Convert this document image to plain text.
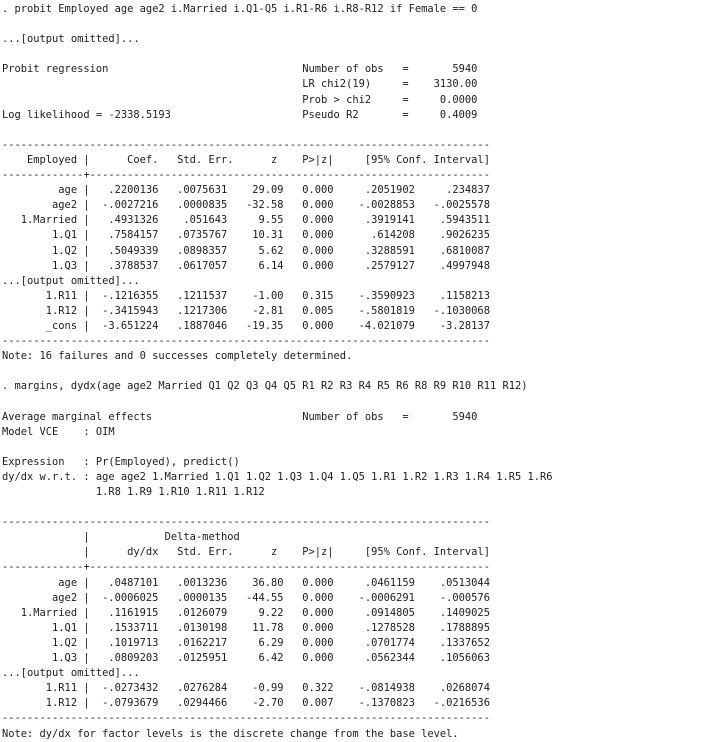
. probit Employed age age2 i.Married i.Q1-Q5 i.R1-R6 i.R8-R12 if Female == 0

...[output omitted]...

Probit regression                               Number of obs   =       5940
LR chi2(19)     =    3130.00
Prob > chi2     =     0.0000
Log likelihood = -2338.5193                     Pseudo R2       =     0.4009

------------------------------------------------------------------------------
Employed |      Coef.   Std. Err.      z    P>|z|     [95% Conf. Interval]
-------------+----------------------------------------------------------------
age |   .2200136   .0075631    29.09   0.000     .2051902     .234837
age2 |  -.0027216   .0000835   -32.58   0.000    -.0028853   -.0025578
1.Married |   .4931326    .051643     9.55   0.000     .3919141    .5943511
1.Q1 |   .7584157   .0735767    10.31   0.000      .614208    .9026235
1.Q2 |   .5049339   .0898357     5.62   0.000     .3288591    .6810087
1.Q3 |   .3788537   .0617057     6.14   0.000     .2579127    .4997948
...[output omitted]...
1.R11 |  -.1216355   .1211537    -1.00   0.315    -.3590923    .1158213
1.R12 |  -.3415943   .1217306    -2.81   0.005    -.5801819   -.1030068
_cons |  -3.651224   .1887046   -19.35   0.000    -4.021079    -3.28137
------------------------------------------------------------------------------
Note: 16 failures and 0 successes completely determined.

. margins, dydx(age age2 Married Q1 Q2 Q3 Q4 Q5 R1 R2 R3 R4 R5 R6 R8 R9 R10 R11 R12)

Average marginal effects                        Number of obs   =       5940
Model VCE    : OIM

Expression   : Pr(Employed), predict()
dy/dx w.r.t. : age age2 1.Married 1.Q1 1.Q2 1.Q3 1.Q4 1.Q5 1.R1 1.R2 1.R3 1.R4 1.R5 1.R6
1.R8 1.R9 1.R10 1.R11 1.R12

------------------------------------------------------------------------------
|            Delta-method
|      dy/dx   Std. Err.      z    P>|z|     [95% Conf. Interval]
-------------+----------------------------------------------------------------
age |   .0487101   .0013236    36.80   0.000     .0461159    .0513044
age2 |  -.0006025   .0000135   -44.55   0.000    -.0006291    -.000576
1.Married |   .1161915   .0126079     9.22   0.000     .0914805    .1409025
1.Q1 |   .1533711   .0130198    11.78   0.000     .1278528    .1788895
1.Q2 |   .1019713   .0162217     6.29   0.000     .0701774    .1337652
1.Q3 |   .0809203   .0125951     6.42   0.000     .0562344    .1056063
...[output omitted]...
1.R11 |  -.0273432   .0276284    -0.99   0.322    -.0814938    .0268074
1.R12 |  -.0793679   .0294466    -2.70   0.007    -.1370823   -.0216536
------------------------------------------------------------------------------
Note: dy/dx for factor levels is the discrete change from the base level.
